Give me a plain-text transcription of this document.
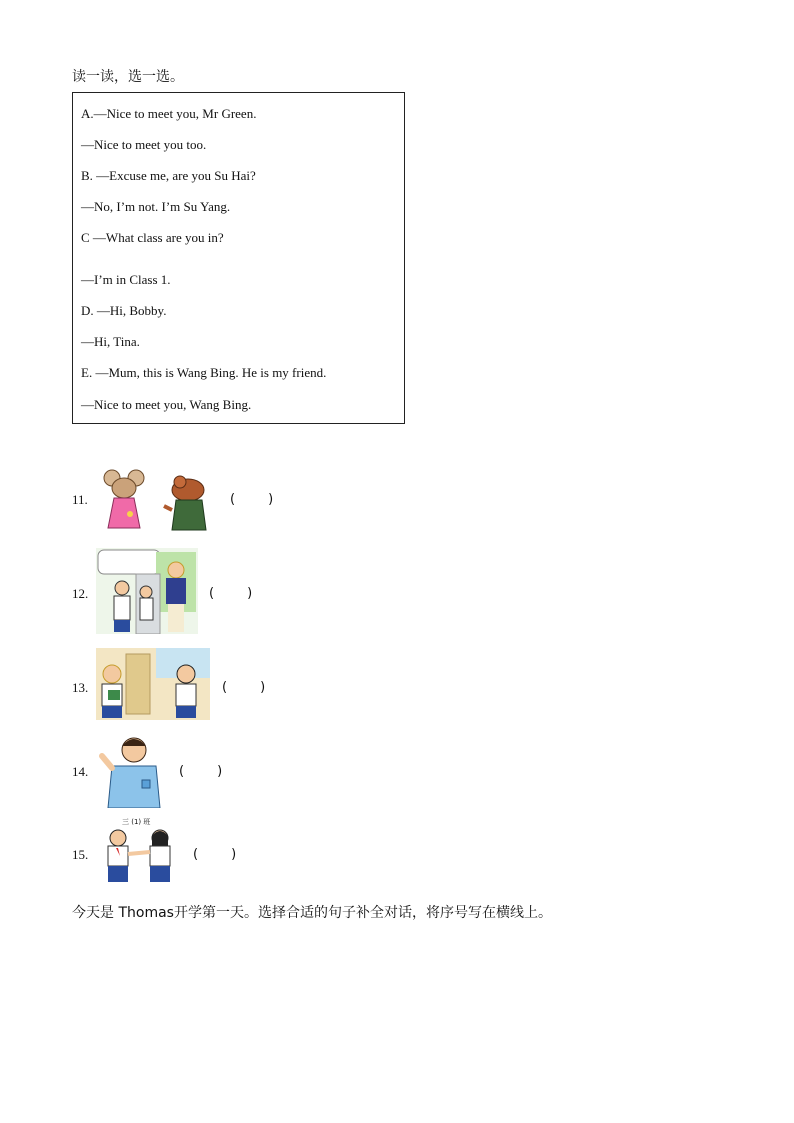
读一读，选一选。
A.—Nice to meet you, Mr Green.
—Nice to meet you too.
B. —Excuse me, are you Su Hai?
—No, I’m not. I’m Su Yang.
C —What class are you in?
—I’m in Class 1.
D. —Hi, Bobby.
—Hi, Tina.
E. —Mum, this is Wang Bing. He is my friend.
—Nice to meet you, Wang Bing.
11.	(        )
12.	(        )
13.	(        )
14.	(        )
15.
三 (1) 班
(        )
今天是 Thomas开学第一天。选择合适的句子补全对话，将序号写在横线上。
